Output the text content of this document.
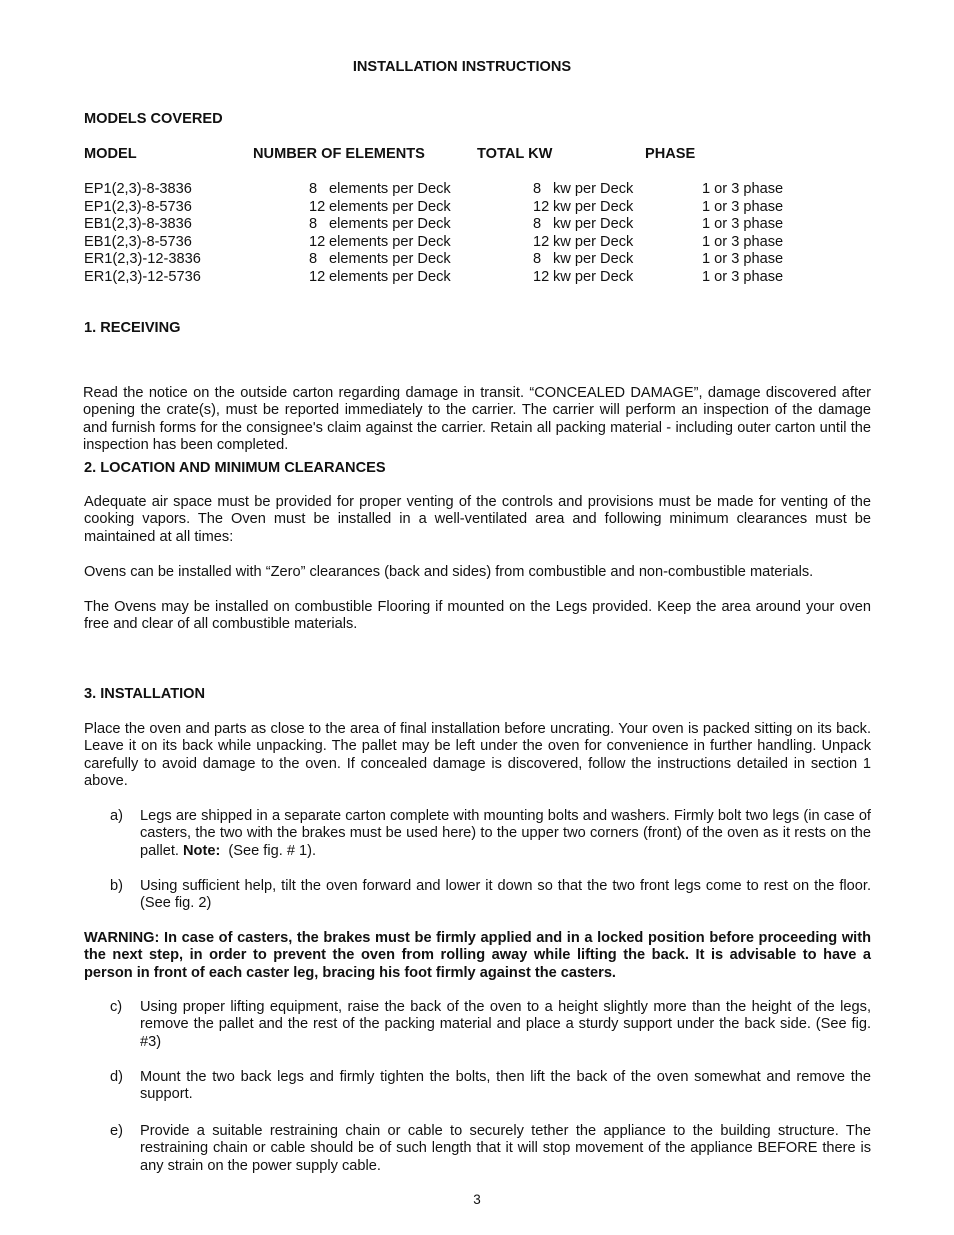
INSTALLATION INSTRUCTIONS
MODELS COVERED
MODEL	NUMBER OF ELEMENTS	TOTAL KW	PHASE
EP1(2,3)-8-3836	8 elements per Deck	8 kw per Deck	1 or 3 phase
EP1(2,3)-8-5736	12 elements per Deck	12 kw per Deck	1 or 3 phase
EB1(2,3)-8-3836	8 elements per Deck	8 kw per Deck	1 or 3 phase
EB1(2,3)-8-5736	12 elements per Deck	12 kw per Deck	1 or 3 phase
ER1(2,3)-12-3836	8 elements per Deck	8 kw per Deck	1 or 3 phase
ER1(2,3)-12-5736	12 elements per Deck	12 kw per Deck	1 or 3 phase
1. RECEIVING
Read the notice on the outside carton regarding damage in transit. “CONCEALED DAMAGE”, damage discovered after opening the crate(s), must be reported immediately to the carrier. The carrier will perform an inspection of the damage and furnish forms for the consignee's claim against the carrier. Retain all packing material - including outer carton until the inspection has been completed.
2. LOCATION AND MINIMUM CLEARANCES
Adequate air space must be provided for proper venting of the controls and provisions must be made for venting of the cooking vapors. The Oven must be installed in a well-ventilated area and following minimum clearances must be maintained at all times:
Ovens can be installed with “Zero” clearances (back and sides) from combustible and non-combustible materials.
The Ovens may be installed on combustible Flooring if mounted on the Legs provided. Keep the area around your oven free and clear of all combustible materials.
3. INSTALLATION
Place the oven and parts as close to the area of final installation before uncrating. Your oven is packed sitting on its back. Leave it on its back while unpacking. The pallet may be left under the oven for convenience in further handling. Unpack carefully to avoid damage to the oven. If concealed damage is discovered, follow the instructions detailed in section 1 above.
a) Legs are shipped in a separate carton complete with mounting bolts and washers. Firmly bolt two legs (in case of casters, the two with the brakes must be used here) to the upper two corners (front) of the oven as it rests on the pallet. Note: (See fig. # 1).
b) Using sufficient help, tilt the oven forward and lower it down so that the two front legs come to rest on the floor. (See fig. 2)
WARNING: In case of casters, the brakes must be firmly applied and in a locked position before proceeding with the next step, in order to prevent the oven from rolling away while lifting the back. It is advisable to have a person in front of each caster leg, bracing his foot firmly against the casters.
c) Using proper lifting equipment, raise the back of the oven to a height slightly more than the height of the legs, remove the pallet and the rest of the packing material and place a sturdy support under the back side. (See fig. #3)
d) Mount the two back legs and firmly tighten the bolts, then lift the back of the oven somewhat and remove the support.
e) Provide a suitable restraining chain or cable to securely tether the appliance to the building structure. The restraining chain or cable should be of such length that it will stop movement of the appliance BEFORE there is any strain on the power supply cable.
3
